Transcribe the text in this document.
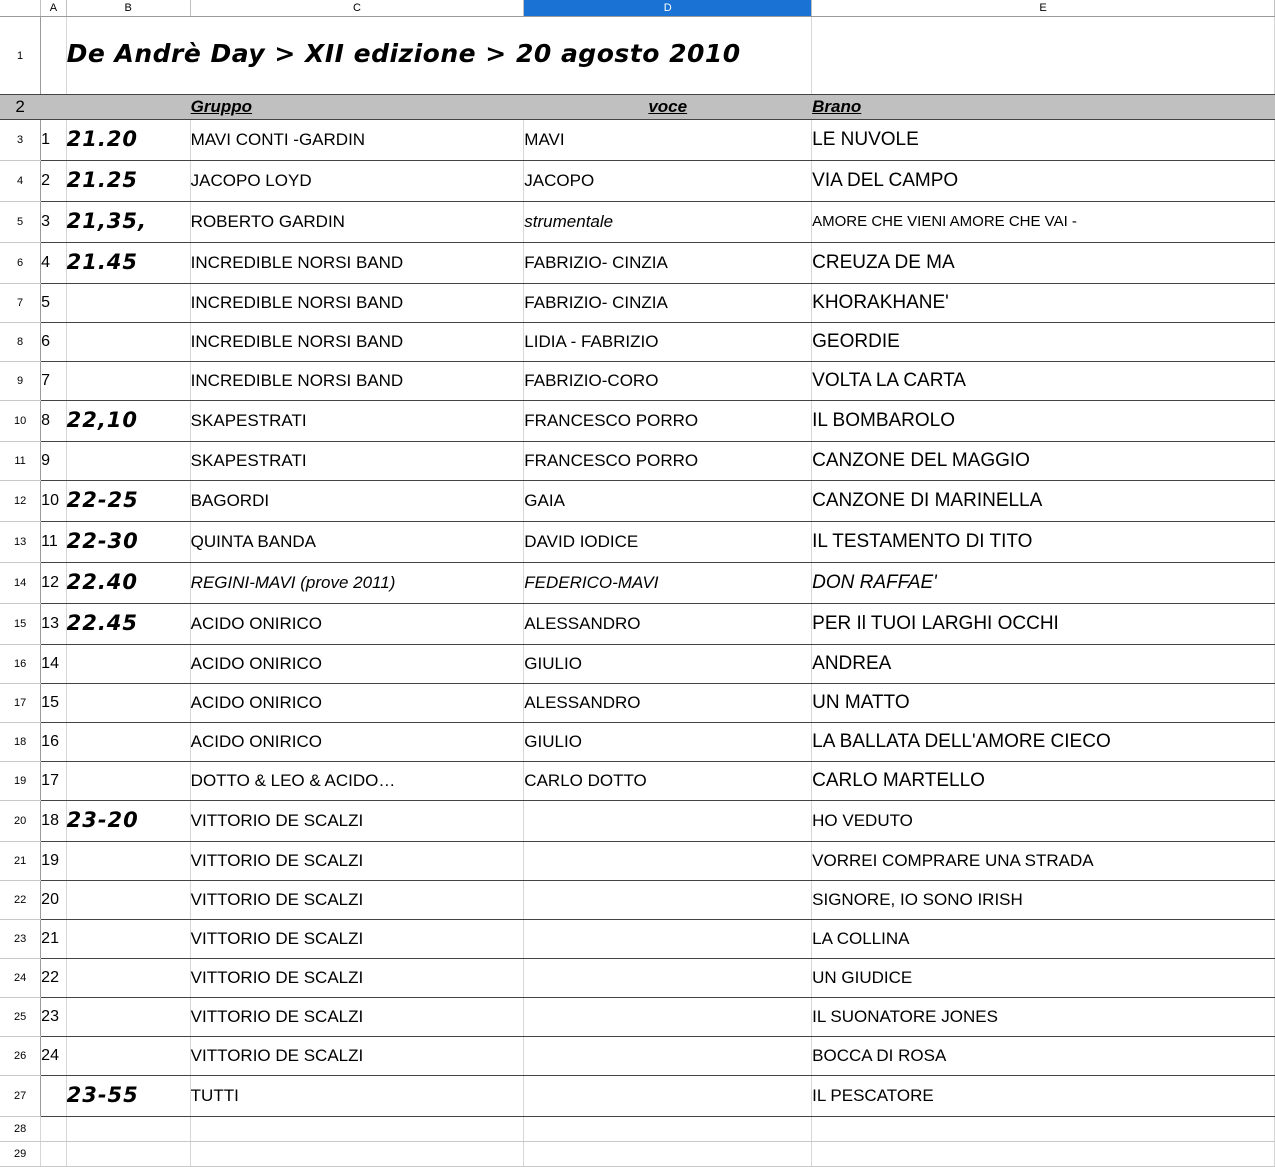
	A	B	C	D	E
1		De Andrè Day > XII edizione > 20 agosto 2010			
2			Gruppo	voce	Brano
3	1	21.20	MAVI CONTI -GARDIN	MAVI	LE NUVOLE
4	2	21.25	JACOPO LOYD	JACOPO	VIA DEL CAMPO
5	3	21,35,	ROBERTO GARDIN	strumentale	AMORE CHE VIENI AMORE CHE VAI -
6	4	21.45	INCREDIBLE NORSI BAND	FABRIZIO- CINZIA	CREUZA DE MA
7	5		INCREDIBLE NORSI BAND	FABRIZIO- CINZIA	KHORAKHANE'
8	6		INCREDIBLE NORSI BAND	LIDIA - FABRIZIO	GEORDIE
9	7		INCREDIBLE NORSI BAND	FABRIZIO-CORO	VOLTA LA CARTA
10	8	22,10	SKAPESTRATI	FRANCESCO PORRO	IL BOMBAROLO
11	9		SKAPESTRATI	FRANCESCO PORRO	CANZONE DEL MAGGIO
12	10	22-25	BAGORDI	GAIA	CANZONE DI MARINELLA
13	11	22-30	QUINTA BANDA	DAVID IODICE	IL TESTAMENTO DI TITO
14	12	22.40	REGINI-MAVI (prove 2011)	FEDERICO-MAVI	DON RAFFAE'
15	13	22.45	ACIDO ONIRICO	ALESSANDRO	PER Il TUOI LARGHI OCCHI
16	14		ACIDO ONIRICO	GIULIO	ANDREA
17	15		ACIDO ONIRICO	ALESSANDRO	UN MATTO
18	16		ACIDO ONIRICO	GIULIO	LA BALLATA DELL'AMORE CIECO
19	17		DOTTO & LEO & ACIDO…	CARLO DOTTO	CARLO MARTELLO
20	18	23-20	VITTORIO DE SCALZI		HO VEDUTO
21	19		VITTORIO DE SCALZI		VORREI COMPRARE UNA STRADA
22	20		VITTORIO DE SCALZI		SIGNORE, IO SONO IRISH
23	21		VITTORIO DE SCALZI		LA COLLINA
24	22		VITTORIO DE SCALZI		UN GIUDICE
25	23		VITTORIO DE SCALZI		IL SUONATORE JONES
26	24		VITTORIO DE SCALZI		BOCCA DI ROSA
27		23-55	TUTTI		IL PESCATORE
28					
29					
